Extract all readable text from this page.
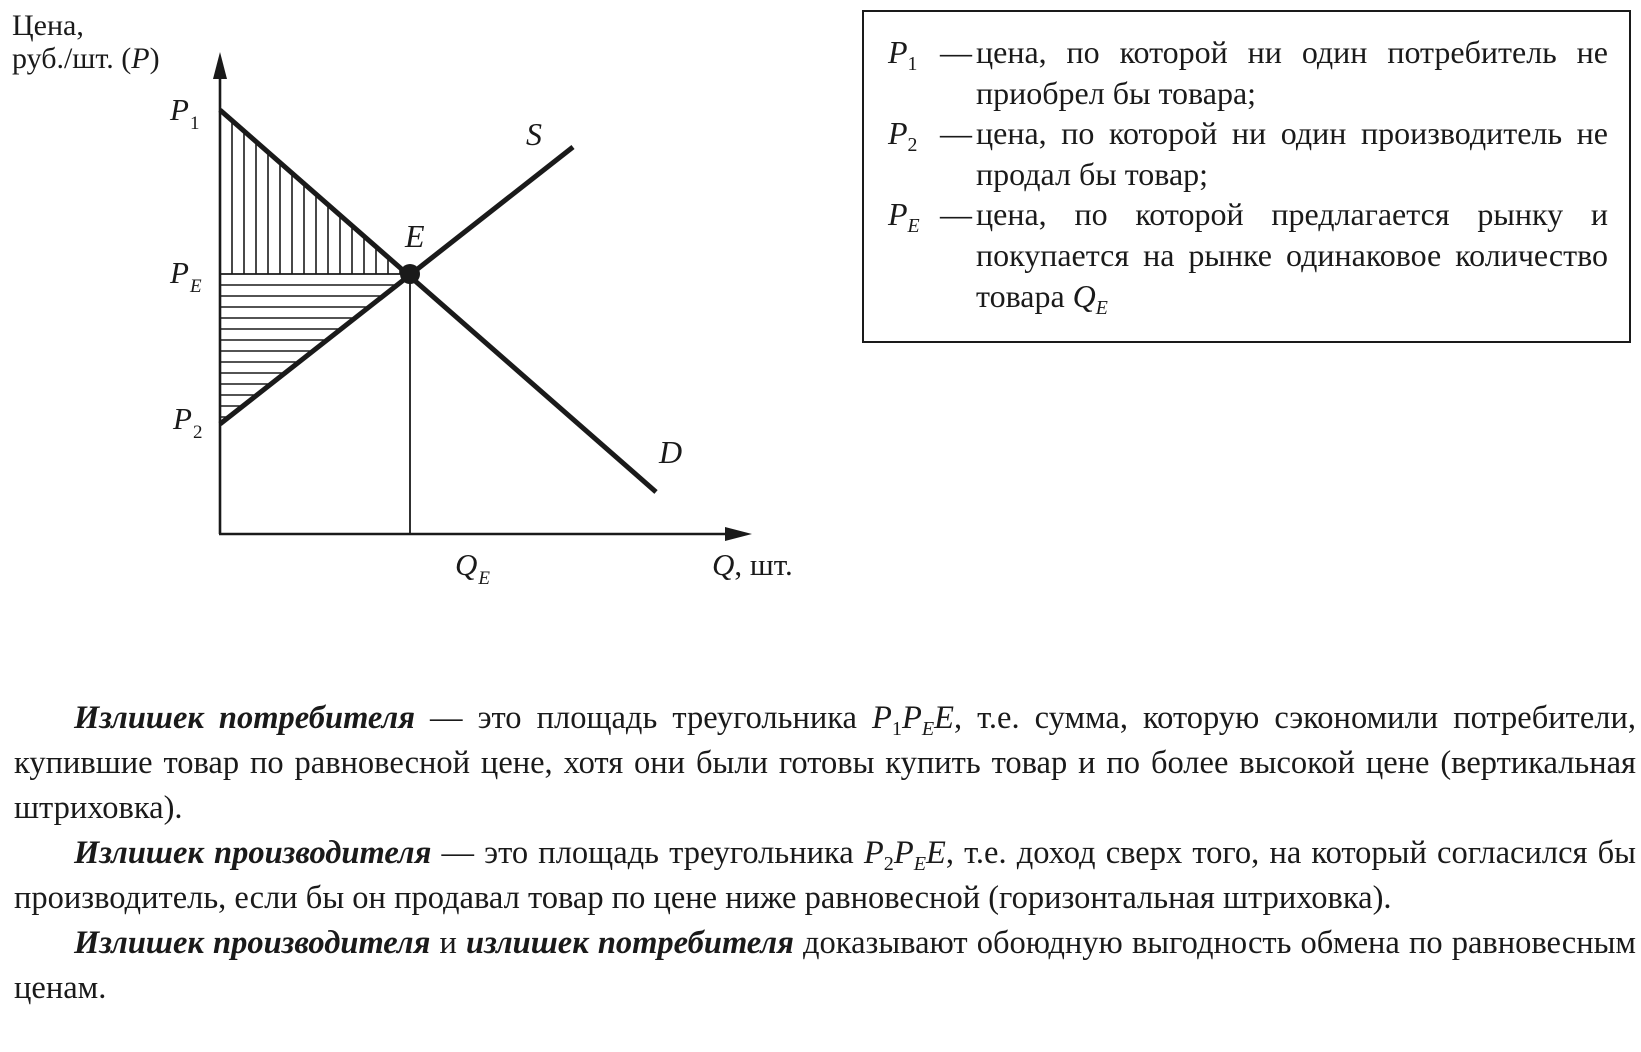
Цена,
руб./шт. (P)
$P_1$
$P_E$
$P_2$
$Q_E$	Q, шт.
S
D
E
$P_1$ — цена, по которой ни один потребитель не приобрел бы товара;
$P_2$ — цена, по которой ни один производитель не продал бы товар;
$P_E$ — цена, по которой предлагается рынку и покупается на рынке одинаковое количество товара $Q_E$

Излишек потребителя — это площадь треугольника $P_1P_EE$, т.е. сумма, которую сэкономили потребители, купившие товар по равновесной цене, хотя они были готовы купить товар и по более высокой цене (вертикальная штриховка).

Излишек производителя — это площадь треугольника $P_2P_EE$, т.е. доход сверх того, на который согласился бы производитель, если бы он продавал товар по цене ниже равновесной (горизонтальная штриховка).

Излишек производителя и излишек потребителя доказывают обоюдную выгодность обмена по равновесным ценам.
